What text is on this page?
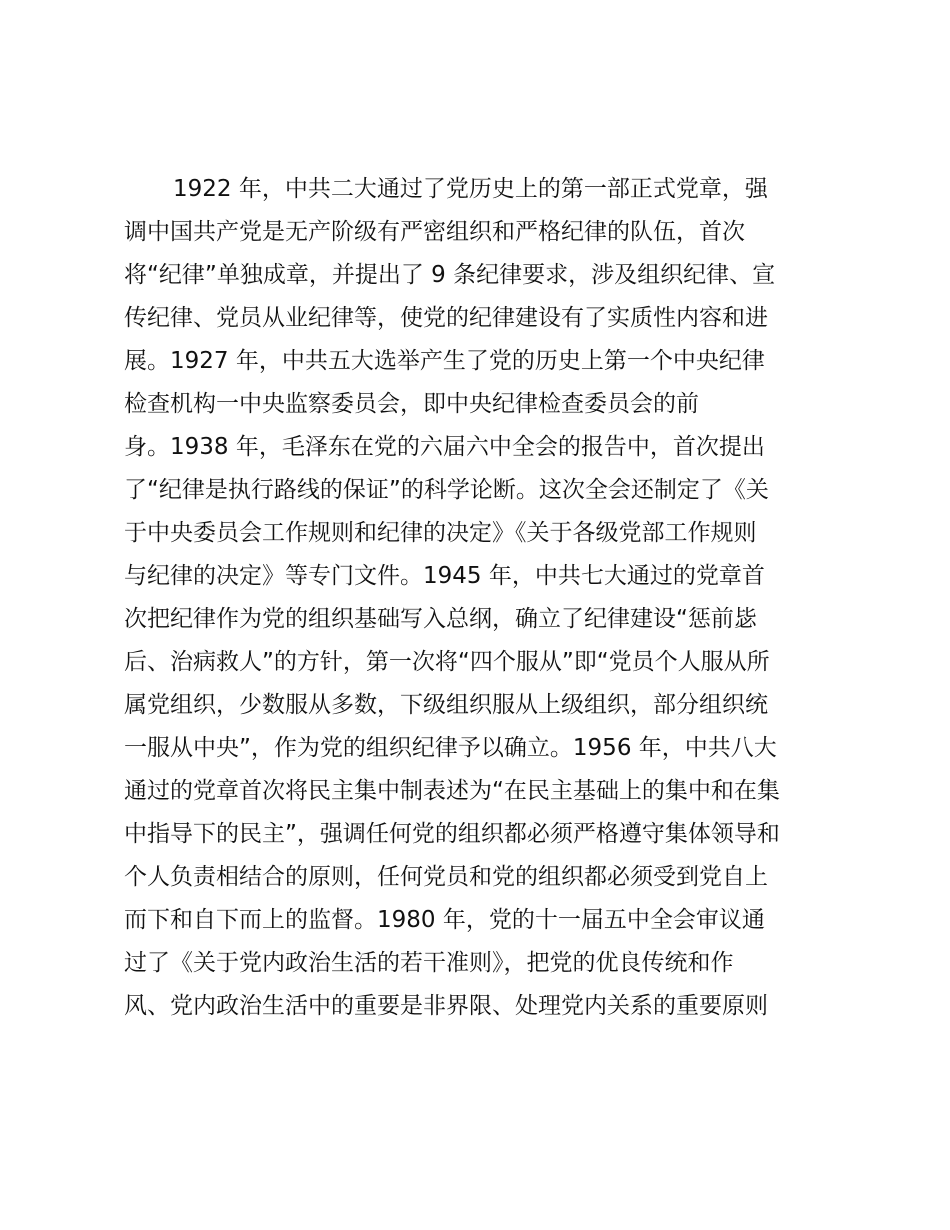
1922 年，中共二大通过了党历史上的第一部正式党章，强
调中国共产党是无产阶级有严密组织和严格纪律的队伍，首次
将“纪律”单独成章，并提出了 9 条纪律要求，涉及组织纪律、宣
传纪律、党员从业纪律等，使党的纪律建设有了实质性内容和进
展。1927 年，中共五大选举产生了党的历史上第一个中央纪律
检查机构一中央监察委员会，即中央纪律检查委员会的前
身。1938 年，毛泽东在党的六届六中全会的报告中，首次提出
了“纪律是执行路线的保证”的科学论断。这次全会还制定了《关
于中央委员会工作规则和纪律的决定》《关于各级党部工作规则
与纪律的决定》等专门文件。1945 年，中共七大通过的党章首
次把纪律作为党的组织基础写入总纲，确立了纪律建设“惩前毖
后、治病救人”的方针，第一次将“四个服从”即“党员个人服从所
属党组织，少数服从多数，下级组织服从上级组织，部分组织统
一服从中央”，作为党的组织纪律予以确立。1956 年，中共八大
通过的党章首次将民主集中制表述为“在民主基础上的集中和在集
中指导下的民主”，强调任何党的组织都必须严格遵守集体领导和
个人负责相结合的原则，任何党员和党的组织都必须受到党自上
而下和自下而上的监督。1980 年，党的十一届五中全会审议通
过了《关于党内政治生活的若干准则》，把党的优良传统和作
风、党内政治生活中的重要是非界限、处理党内关系的重要原则
